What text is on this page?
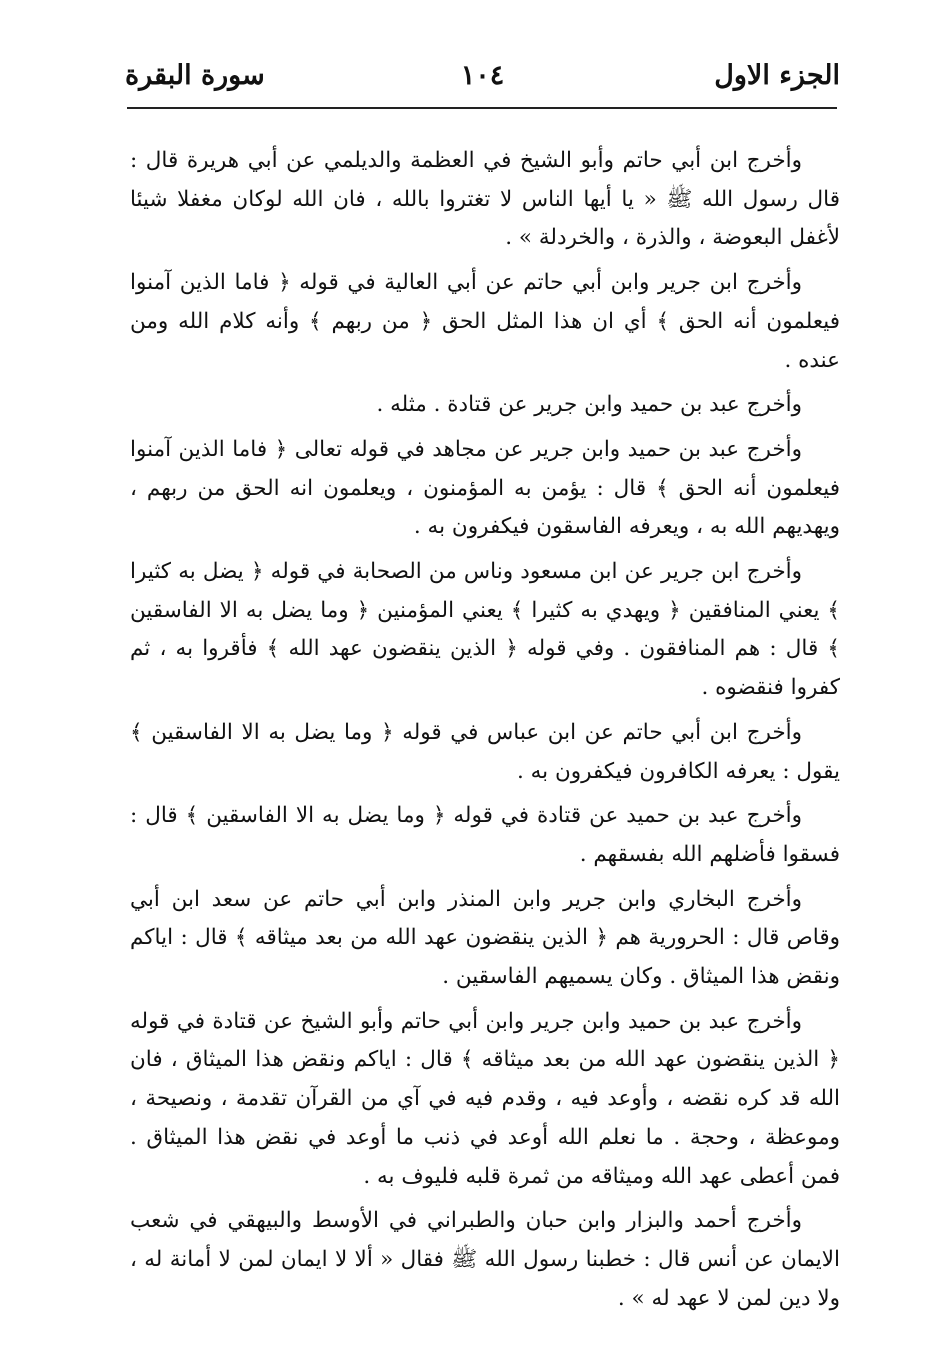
الجزء الاول
١٠٤
سورة البقرة

وأخرج ابن أبي حاتم وأبو الشيخ في العظمة والديلمي عن أبي هريرة قال : قال رسول الله ﷺ « يا أيها الناس لا تغتروا بالله ، فان الله لوكان مغفلا شيئا لأغفل البعوضة ، والذرة ، والخردلة » .

وأخرج ابن جرير وابن أبي حاتم عن أبي العالية في قوله ﴿ فاما الذين آمنوا فيعلمون أنه الحق ﴾ أي ان هذا المثل الحق ﴿ من ربهم ﴾ وأنه كلام الله ومن عنده .

وأخرج عبد بن حميد وابن جرير عن قتادة . مثله .

وأخرج عبد بن حميد وابن جرير عن مجاهد في قوله تعالى ﴿ فاما الذين آمنوا فيعلمون أنه الحق ﴾ قال : يؤمن به المؤمنون ، ويعلمون انه الحق من ربهم ، ويهديهم الله به ، ويعرفه الفاسقون فيكفرون به .

وأخرج ابن جرير عن ابن مسعود وناس من الصحابة في قوله ﴿ يضل به كثيرا ﴾ يعني المنافقين ﴿ ويهدي به كثيرا ﴾ يعني المؤمنين ﴿ وما يضل به الا الفاسقين ﴾ قال : هم المنافقون . وفي قوله ﴿ الذين ينقضون عهد الله ﴾ فأقروا به ، ثم كفروا فنقضوه .

وأخرج ابن أبي حاتم عن ابن عباس في قوله ﴿ وما يضل به الا الفاسقين ﴾ يقول : يعرفه الكافرون فيكفرون به .

وأخرج عبد بن حميد عن قتادة في قوله ﴿ وما يضل به الا الفاسقين ﴾ قال : فسقوا فأضلهم الله بفسقهم .

وأخرج البخاري وابن جرير وابن المنذر وابن أبي حاتم عن سعد ابن أبي وقاص قال : الحرورية هم ﴿ الذين ينقضون عهد الله من بعد ميثاقه ﴾ قال : اياكم ونقض هذا الميثاق . وكان يسميهم الفاسقين .

وأخرج عبد بن حميد وابن جرير وابن أبي حاتم وأبو الشيخ عن قتادة في قوله ﴿ الذين ينقضون عهد الله من بعد ميثاقه ﴾ قال : اياكم ونقض هذا الميثاق ، فان الله قد كره نقضه ، وأوعد فيه ، وقدم فيه في آي من القرآن تقدمة ، ونصيحة ، وموعظة ، وحجة . ما نعلم الله أوعد في ذنب ما أوعد في نقض هذا الميثاق . فمن أعطى عهد الله وميثاقه من ثمرة قلبه فليوف به .

وأخرج أحمد والبزار وابن حبان والطبراني في الأوسط والبيهقي في شعب الايمان عن أنس قال : خطبنا رسول الله ﷺ فقال « ألا لا ايمان لمن لا أمانة له ، ولا دين لمن لا عهد له » .
